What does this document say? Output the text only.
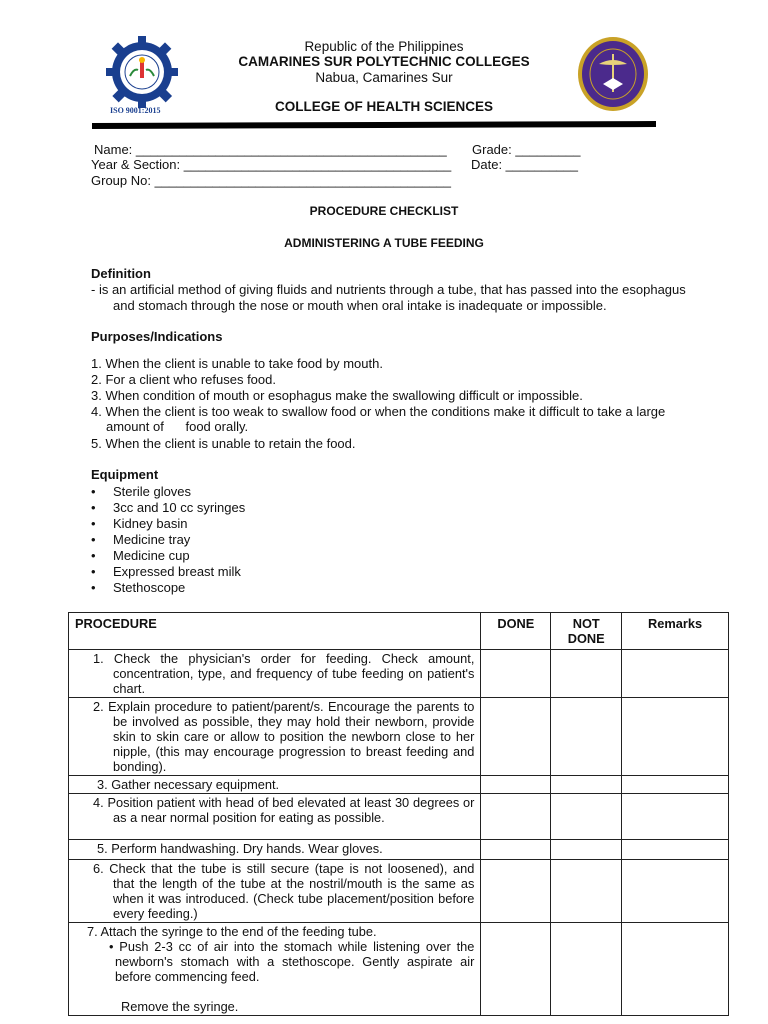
ISO 9001:2015
Republic of the Philippines
CAMARINES SUR POLYTECHNIC COLLEGES
Nabua, Camarines Sur
COLLEGE OF HEALTH SCIENCES
Name: ___________________________________________ Grade: _________
Year & Section: _____________________________________ Date: __________
Group No: _________________________________________
PROCEDURE CHECKLIST
ADMINISTERING A TUBE FEEDING
Definition
- is an artificial method of giving fluids and nutrients through a tube, that has passed into the esophagus
and stomach through the nose or mouth when oral intake is inadequate or impossible.
Purposes/Indications
1. When the client is unable to take food by mouth.
2. For a client who refuses food.
3. When condition of mouth or esophagus make the swallowing difficult or impossible.
4. When the client is too weak to swallow food or when the conditions make it difficult to take a large
amount of      food orally.
5. When the client is unable to retain the food.
Equipment
• Sterile gloves
• 3cc and 10 cc syringes
• Kidney basin
• Medicine tray
• Medicine cup
• Expressed breast milk
• Stethoscope
PROCEDURE	DONE	NOT DONE	Remarks
1. Check the physician's order for feeding. Check amount, concentration, type, and frequency of tube feeding on patient's chart.			
2. Explain procedure to patient/parent/s. Encourage the parents to be involved as possible, they may hold their newborn, provide skin to skin care or allow to position the newborn close to her nipple, (this may encourage progression to breast feeding and bonding).			
3. Gather necessary equipment.			
4. Position patient with head of bed elevated at least 30 degrees or as a near normal position for eating as possible.			
5. Perform handwashing. Dry hands. Wear gloves.			
6. Check that the tube is still secure (tape is not loosened), and that the length of the tube at the nostril/mouth is the same as when it was introduced. (Check tube placement/position before every feeding.)			

7. Attach the syringe to the end of the feeding tube.
• Push 2-3 cc of air into the stomach while listening over the newborn's stomach with a stethoscope. Gently aspirate air before commencing feed.
Remove the syringe.			
